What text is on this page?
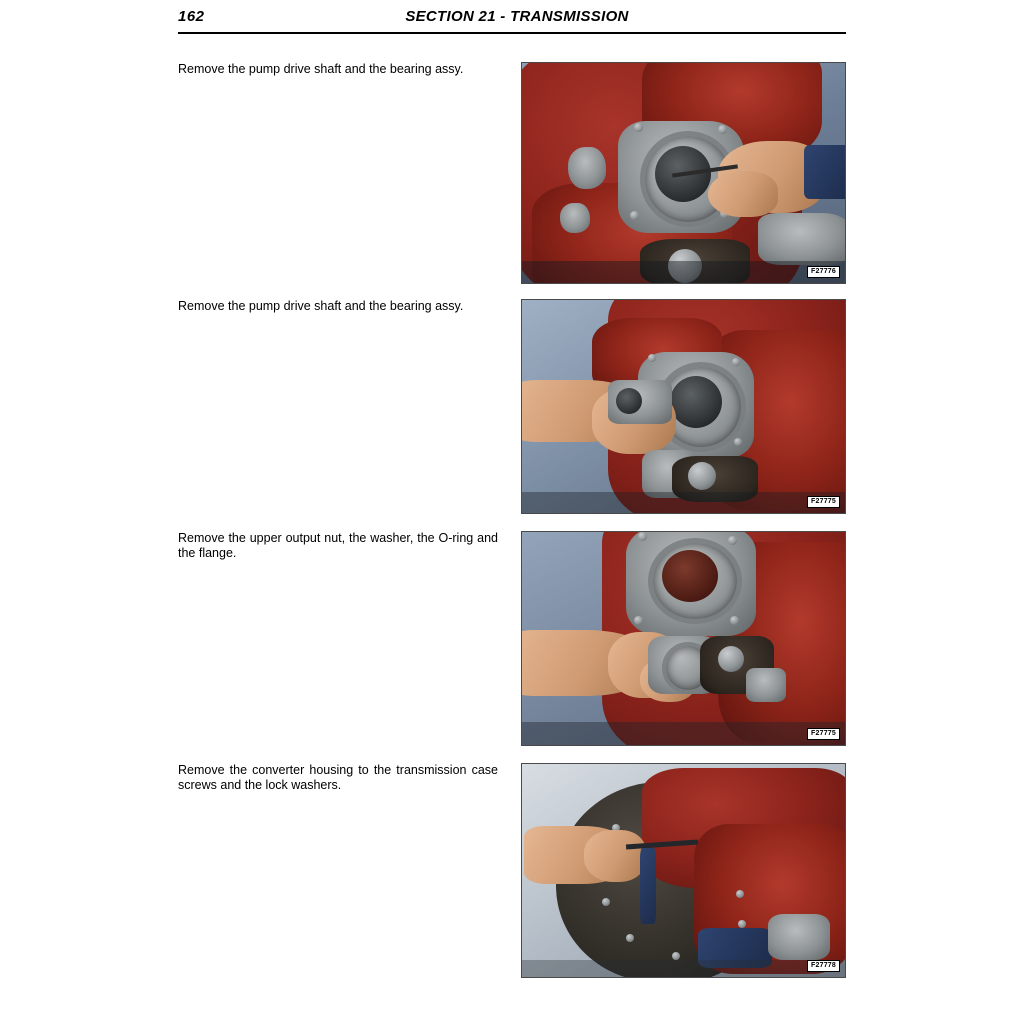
162	SECTION 21 - TRANSMISSION
Remove the pump drive shaft and the bearing assy.
F27776
Remove the pump drive shaft and the bearing assy.
F27775
Remove the upper output nut, the washer, the O-ring and the flange.
F27775
Remove the converter housing to the transmission case screws and the lock washers.
F27778
